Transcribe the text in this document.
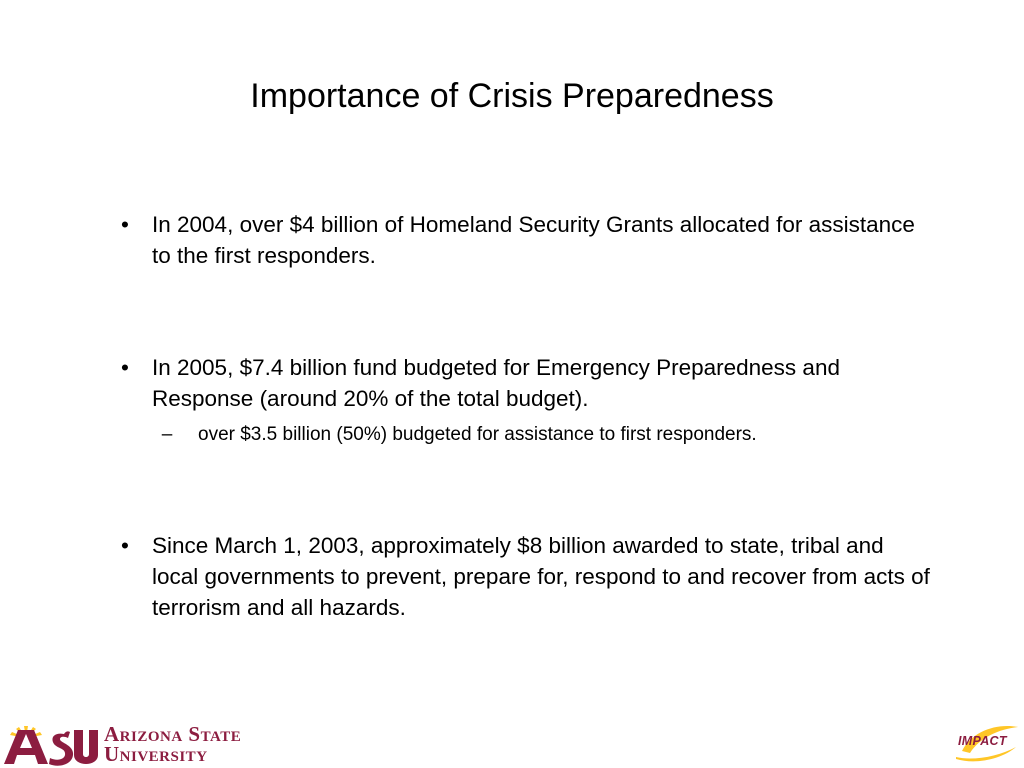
Importance of Crisis Preparedness
• In 2004, over $4 billion of Homeland Security Grants allocated for assistance to the first responders.
• In 2005, $7.4 billion fund budgeted for Emergency Preparedness and Response (around 20% of the total budget).
–	over $3.5 billion (50%) budgeted for assistance to first responders.
• Since March 1, 2003, approximately $8 billion awarded to state, tribal and local governments to prevent, prepare for, respond to and recover from acts of terrorism and all hazards.
Arizona State
University
IMPACT
